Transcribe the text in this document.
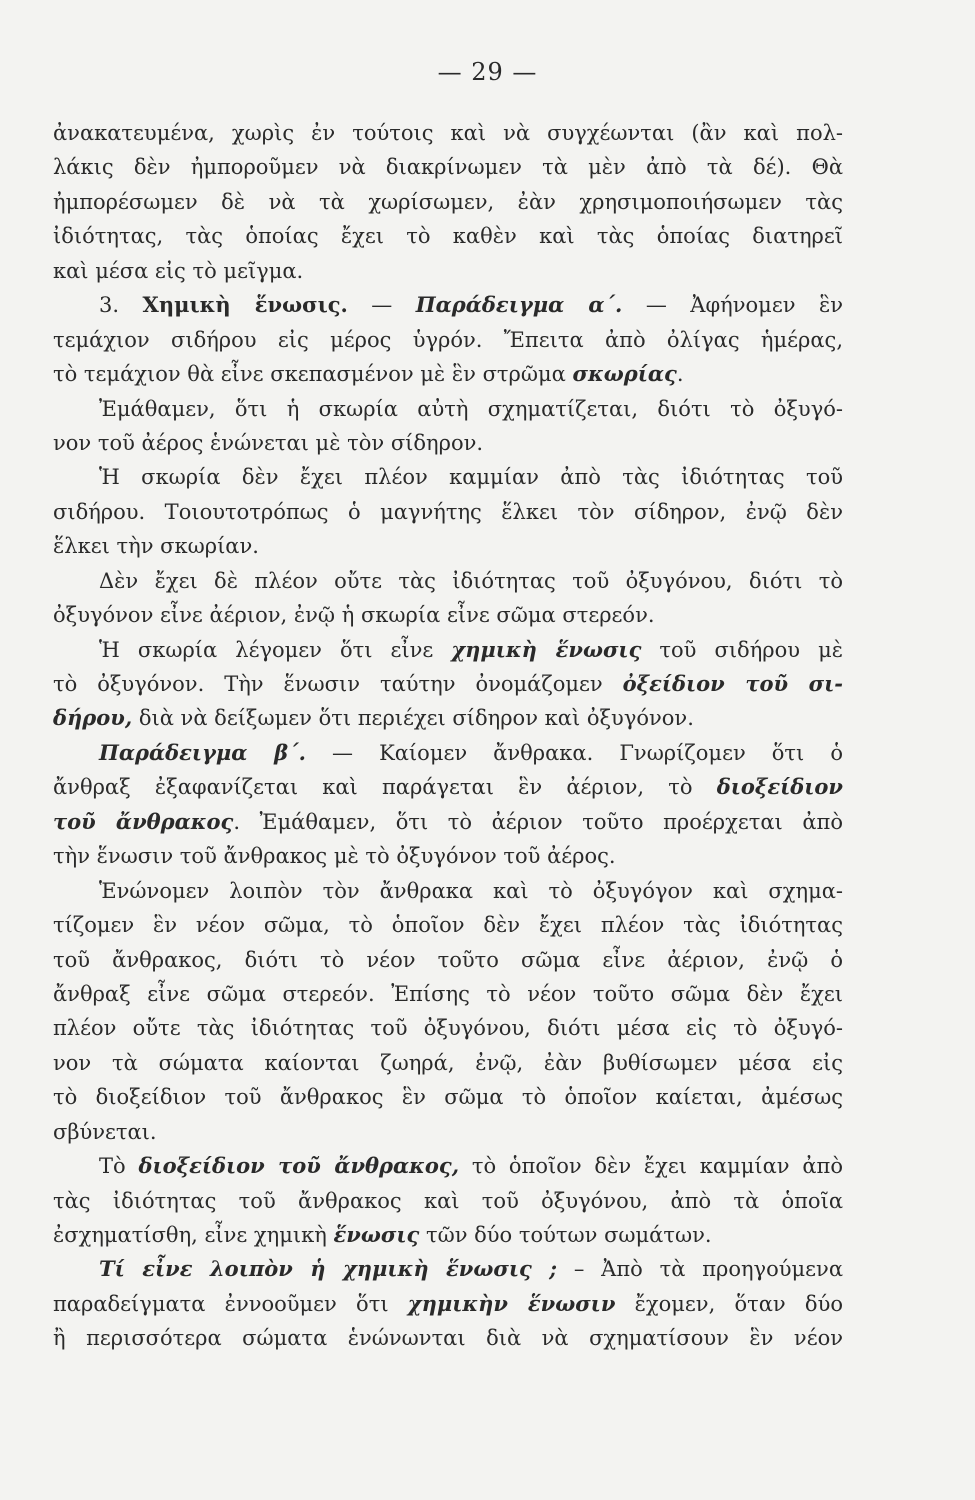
— 29 —
ἀνακατευμένα, χωρὶς ἐν τούτοις καὶ νὰ συγχέωνται (ἂν καὶ πολ-
λάκις δὲν ἠμποροῦμεν νὰ διακρίνωμεν τὰ μὲν ἀπὸ τὰ δέ). Θὰ
ἠμπορέσωμεν δὲ νὰ τὰ χωρίσωμεν, ἐὰν χρησιμοποιήσωμεν τὰς
ἰδιότητας, τὰς ὁποίας ἔχει τὸ καθὲν καὶ τὰς ὁποίας διατηρεῖ
καὶ μέσα εἰς τὸ μεῖγμα.
3. Χημικὴ ἕνωσις. — Παράδειγμα α΄. — Ἀφήνομεν ἓν
τεμάχιον σιδήρου εἰς μέρος ὑγρόν. Ἔπειτα ἀπὸ ὀλίγας ἡμέρας,
τὸ τεμάχιον θὰ εἶνε σκεπασμένον μὲ ἓν στρῶμα σκωρίας.
Ἐμάθαμεν, ὅτι ἡ σκωρία αὐτὴ σχηματίζεται, διότι τὸ ὀξυγό-
νον τοῦ ἀέρος ἑνώνεται μὲ τὸν σίδηρον.
Ἡ σκωρία δὲν ἔχει πλέον καμμίαν ἀπὸ τὰς ἰδιότητας τοῦ
σιδήρου. Τοιουτοτρόπως ὁ μαγνήτης ἕλκει τὸν σίδηρον, ἐνῷ δὲν
ἕλκει τὴν σκωρίαν.
Δὲν ἔχει δὲ πλέον οὔτε τὰς ἰδιότητας τοῦ ὀξυγόνου, διότι τὸ
ὀξυγόνον εἶνε ἀέριον, ἐνῷ ἡ σκωρία εἶνε σῶμα στερεόν.
Ἡ σκωρία λέγομεν ὅτι εἶνε χημικὴ ἕνωσις τοῦ σιδήρου μὲ
τὸ ὀξυγόνον. Τὴν ἕνωσιν ταύτην ὀνομάζομεν ὀξείδιον τοῦ σι-
δήρου, διὰ νὰ δείξωμεν ὅτι περιέχει σίδηρον καὶ ὀξυγόνον.
Παράδειγμα β΄. — Καίομεν ἄνθρακα. Γνωρίζομεν ὅτι ὁ
ἄνθραξ ἐξαφανίζεται καὶ παράγεται ἓν ἀέριον, τὸ διοξείδιον
τοῦ ἄνθρακος. Ἐμάθαμεν, ὅτι τὸ ἀέριον τοῦτο προέρχεται ἀπὸ
τὴν ἕνωσιν τοῦ ἄνθρακος μὲ τὸ ὀξυγόνον τοῦ ἀέρος.
Ἑνώνομεν λοιπὸν τὸν ἄνθρακα καὶ τὸ ὀξυγόγον καὶ σχημα-
τίζομεν ἓν νέον σῶμα, τὸ ὁποῖον δὲν ἔχει πλέον τὰς ἰδιότητας
τοῦ ἄνθρακος, διότι τὸ νέον τοῦτο σῶμα εἶνε ἀέριον, ἐνῷ ὁ
ἄνθραξ εἶνε σῶμα στερεόν. Ἐπίσης τὸ νέον τοῦτο σῶμα δὲν ἔχει
πλέον οὔτε τὰς ἰδιότητας τοῦ ὀξυγόνου, διότι μέσα εἰς τὸ ὀξυγό-
νον τὰ σώματα καίονται ζωηρά, ἐνῷ, ἐὰν βυθίσωμεν μέσα εἰς
τὸ διοξείδιον τοῦ ἄνθρακος ἓν σῶμα τὸ ὁποῖον καίεται, ἀμέσως
σβύνεται.
Τὸ διοξείδιον τοῦ ἄνθρακος, τὸ ὁποῖον δὲν ἔχει καμμίαν ἀπὸ
τὰς ἰδιότητας τοῦ ἄνθρακος καὶ τοῦ ὀξυγόνου, ἀπὸ τὰ ὁποῖα
ἐσχηματίσθη, εἶνε χημικὴ ἕνωσις τῶν δύο τούτων σωμάτων.
Τί εἶνε λοιπὸν ἡ χημικὴ ἕνωσις ; – Ἀπὸ τὰ προηγούμενα
παραδείγματα ἐννοοῦμεν ὅτι χημικὴν ἕνωσιν ἔχομεν, ὅταν δύο
ἢ περισσότερα σώματα ἑνώνωνται διὰ νὰ σχηματίσουν ἓν νέον
